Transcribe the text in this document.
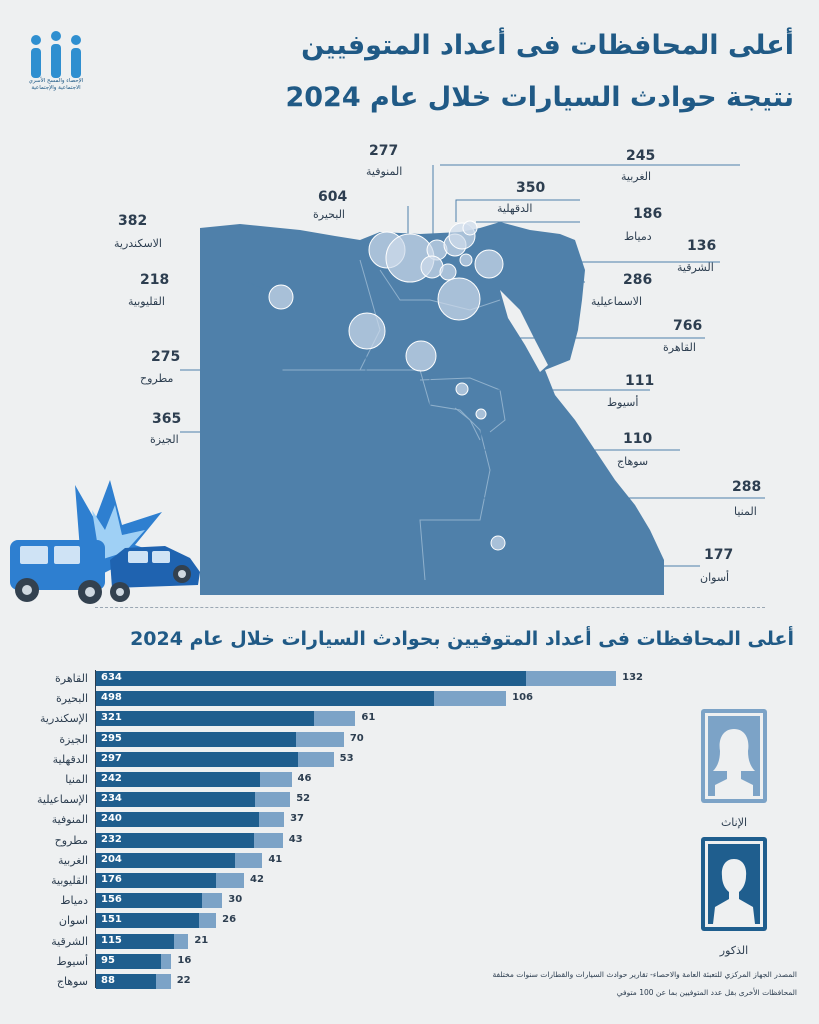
الإحصاء والمسح الأسري الاجتماعية والإجتماعية
أعلى المحافظات فى أعداد المتوفيين
نتيجة حوادث السيارات خلال عام 2024
277
المنوفية
245
الغربية
604
البحيرة
350
الدقهلية
382
الاسكندرية
186
دمياط
136
الشرقية
218
القليوبية
286
الاسماعيلية
766
القاهرة
275
مطروح	111
أسيوط
365
الجيزة	110
سوهاج
288
المنيا
177
أسوان
أعلى المحافظات فى أعداد المتوفيين بحوادث السيارات خلال عام 2024
القاهرة 634	132
البحيرة 498	106
الإسكندرية 321	61
الجيزة 295	70
الدقهلية 297	53
المنيا 242	46
الإسماعيلية 234	52
المنوفية 240	37
مطروح 232	43
الغربية 204	41
القليوبية 176	42
دمياط 156	30
اسوان 151	26
الشرقية 115	21
أسيوط 95	16
سوهاج 88	22
الإناث
الذكور
المصدر الجهاز المركزي للتعبئة العامة والاحصاء- تقارير حوادث السيارات والقطارات سنوات مختلفة
المحافظات الأخرى بقل عدد المتوفيين بما عن 100 متوفي
